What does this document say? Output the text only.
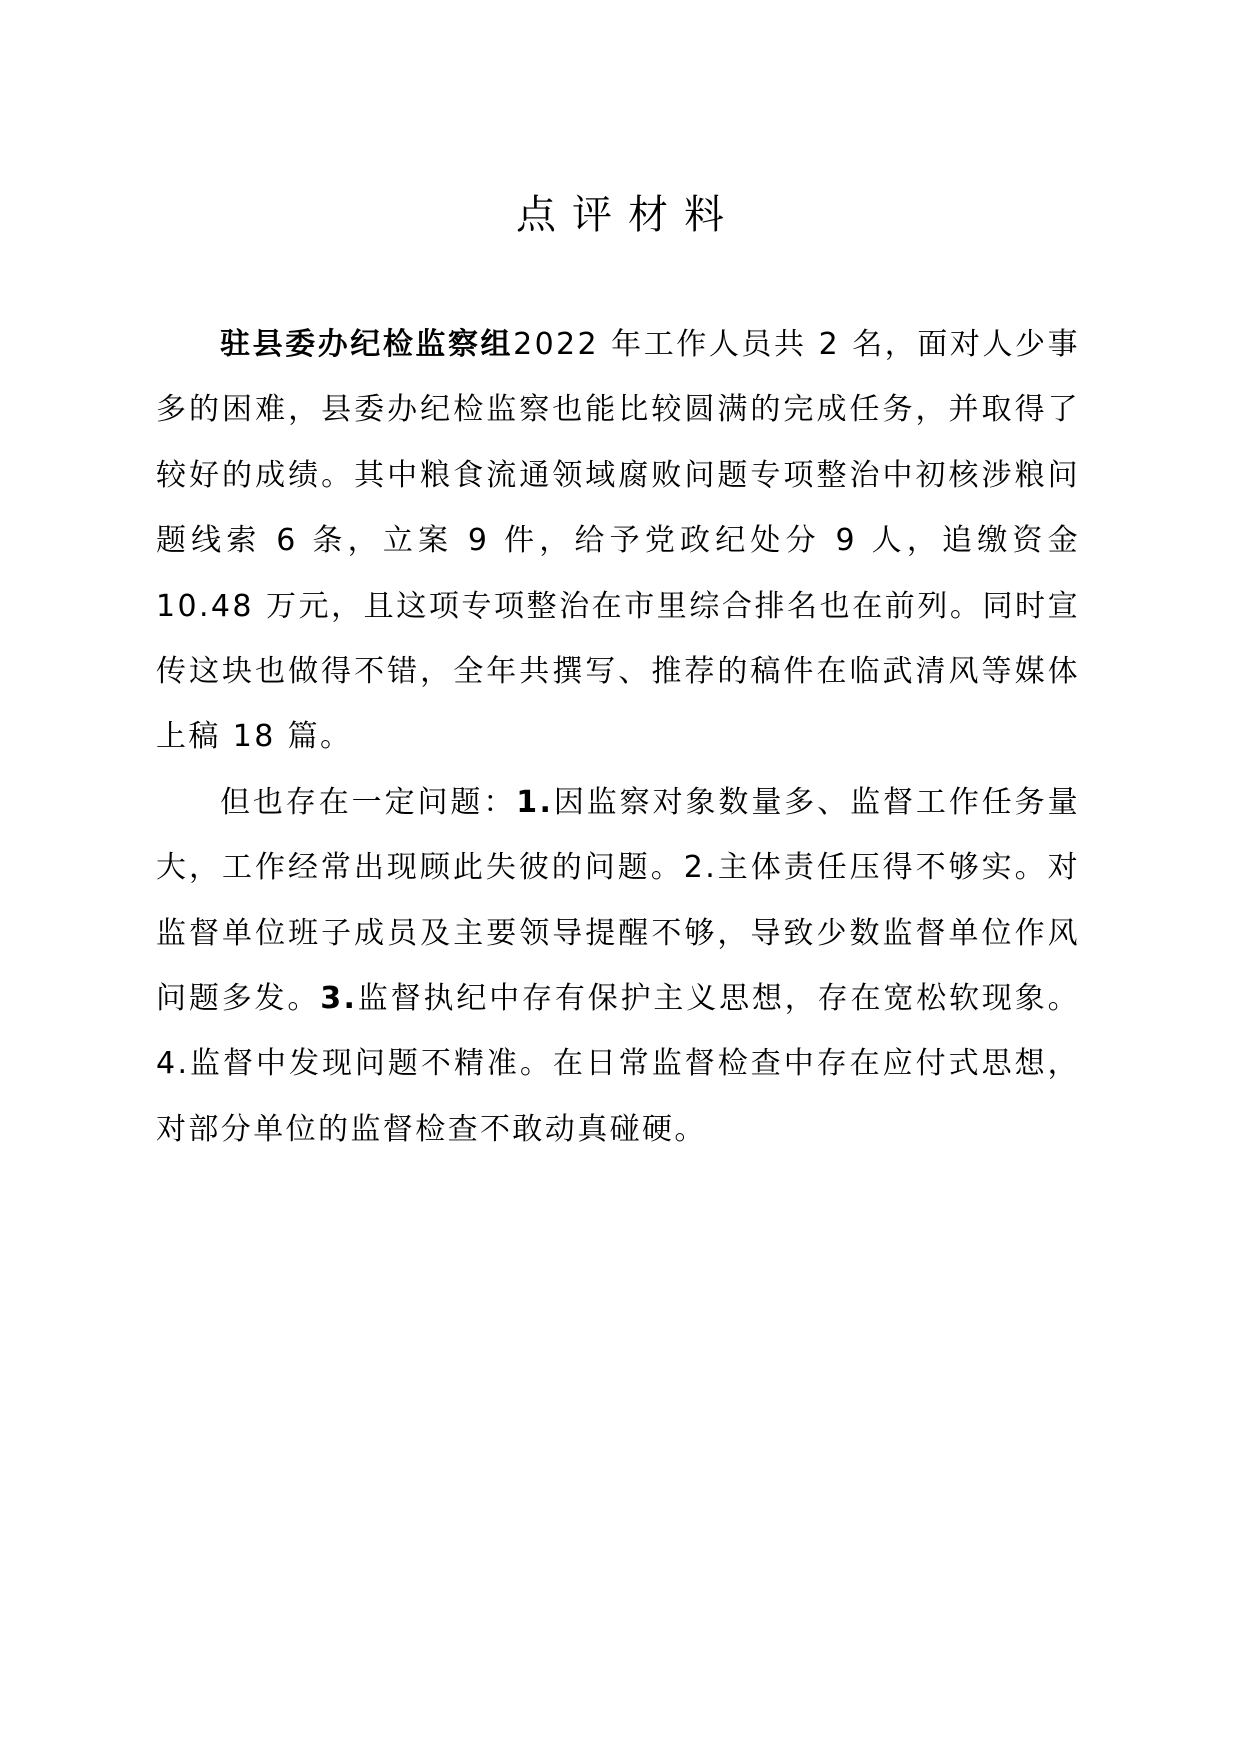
点评材料

驻县委办纪检监察组2022 年工作人员共 2 名，面对人少事多的困难，县委办纪检监察也能比较圆满的完成任务，并取得了较好的成绩。其中粮食流通领域腐败问题专项整治中初核涉粮问题线索 6 条，立案 9 件，给予党政纪处分 9 人，追缴资金 10.48 万元，且这项专项整治在市里综合排名也在前列。同时宣传这块也做得不错，全年共撰写、推荐的稿件在临武清风等媒体上稿 18 篇。

但也存在一定问题：1.因监察对象数量多、监督工作任务量大，工作经常出现顾此失彼的问题。2.主体责任压得不够实。对监督单位班子成员及主要领导提醒不够，导致少数监督单位作风问题多发。3.监督执纪中存有保护主义思想，存在宽松软现象。4.监督中发现问题不精准。在日常监督检查中存在应付式思想，对部分单位的监督检查不敢动真碰硬。
